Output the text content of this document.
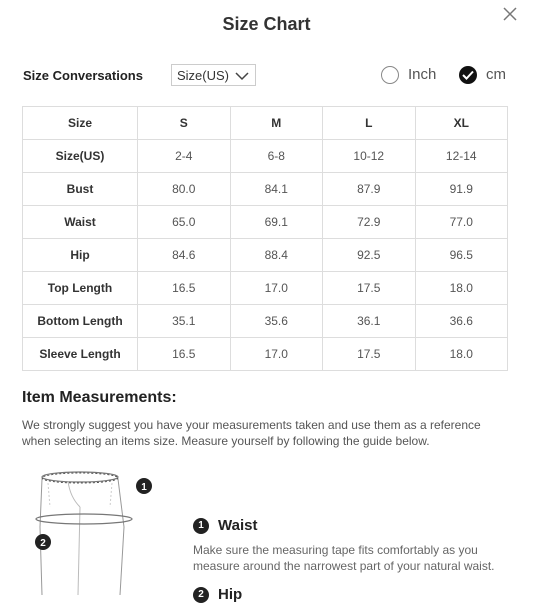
Size Chart
Size Conversations	Size(US)	Inch	cm
Size	S	M	L	XL
Size(US)	2-4	6-8	10-12	12-14
Bust	80.0	84.1	87.9	91.9
Waist	65.0	69.1	72.9	77.0
Hip	84.6	88.4	92.5	96.5
Top Length	16.5	17.0	17.5	18.0
Bottom Length	35.1	35.6	36.1	36.6
Sleeve Length	16.5	17.0	17.5	18.0
Item Measurements:
We strongly suggest you have your measurements taken and use them as a reference when selecting an items size. Measure yourself by following the guide below.
1
2
1 Waist
Make sure the measuring tape fits comfortably as you measure around the narrowest part of your natural waist.
2 Hip
